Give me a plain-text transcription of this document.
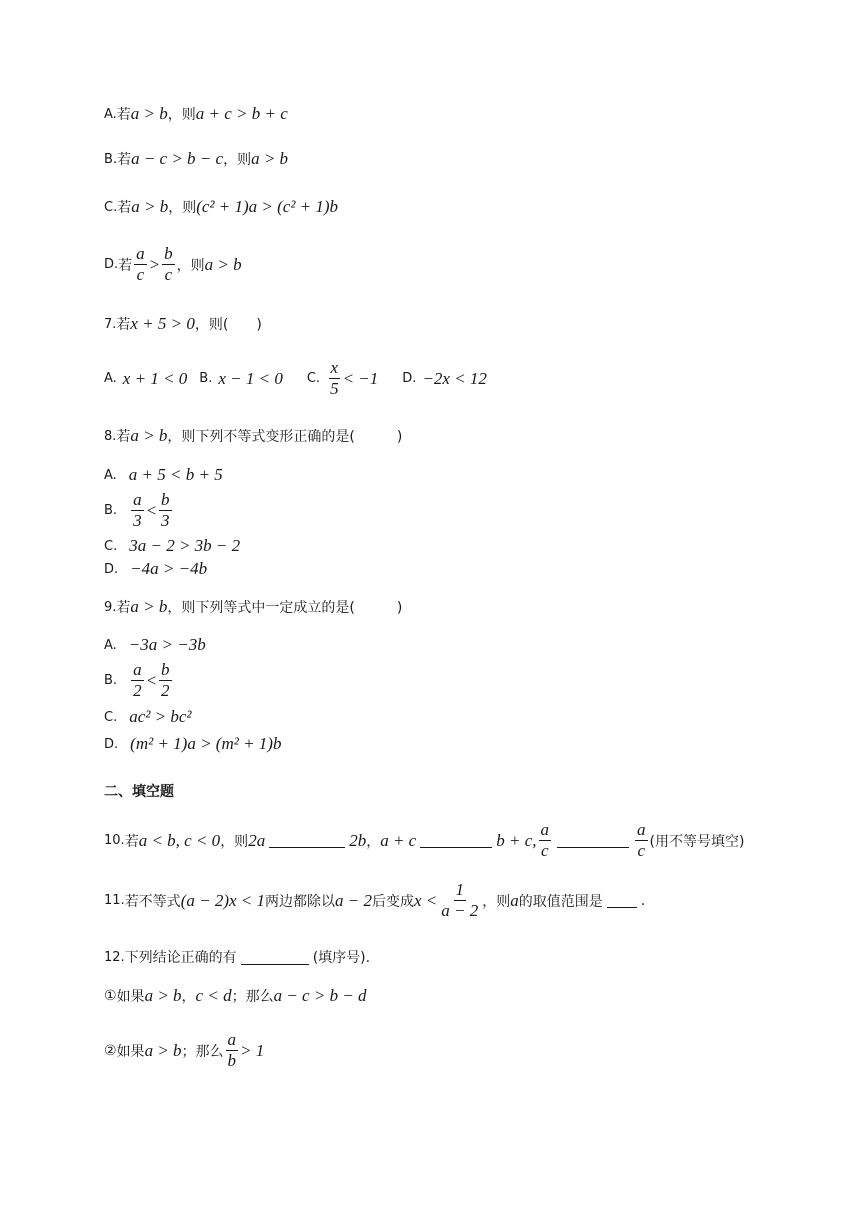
A. 若 a > b ，则 a + c > b + c
B. 若 a − c > b − c ，则 a > b
C. 若 a > b ，则 (c² + 1)a > (c² + 1)b
D. 若 $\frac{a}{c} > \frac{b}{c}$ ，则 a > b
7. 若 x + 5 > 0 ，则(　　)
A. x + 1 < 0 B. x − 1 < 0 C. $\frac{x}{5} < -1$ D. −2x < 12
8. 若 a > b ，则下列不等式变形正确的是(　　　)
A. a + 5 < b + 5
B. $\frac{a}{3} < \frac{b}{3}$
C. 3a − 2 > 3b − 2
D. −4a > −4b
9. 若 a > b ，则下列等式中一定成立的是(　　　)
A. −3a > −3b
B. $\frac{a}{2} < \frac{b}{2}$
C. ac² > bc²
D. (m² + 1)a > (m² + 1)b
二、填空题
10. 若 a < b, c < 0 ，则 2a	2b ， a + c	b + c, $\frac{a}{c}$	$\frac{a}{c}$ (用不等号填空)
11. 若不等式 (a − 2)x < 1 两边都除以 a − 2 后变成 $x < \frac{1}{a - 2}$ ，则 a 的取值范围是	.
12. 下列结论正确的有	(填序号).
① 如果 a > b ， c < d ；那么 a − c > b − d
② 如果 a > b ；那么 $\frac{a}{b} > 1$
